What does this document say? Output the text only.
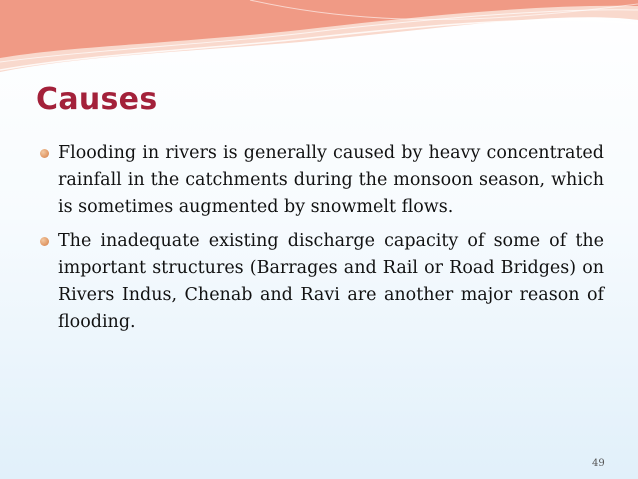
Causes
Flooding in rivers is generally caused by heavy concentrated rainfall in the catchments during the monsoon season, which is sometimes augmented by snowmelt flows.
The inadequate existing discharge capacity of some of the important structures (Barrages and Rail or Road Bridges) on Rivers Indus, Chenab and Ravi are another major reason of flooding.
49
